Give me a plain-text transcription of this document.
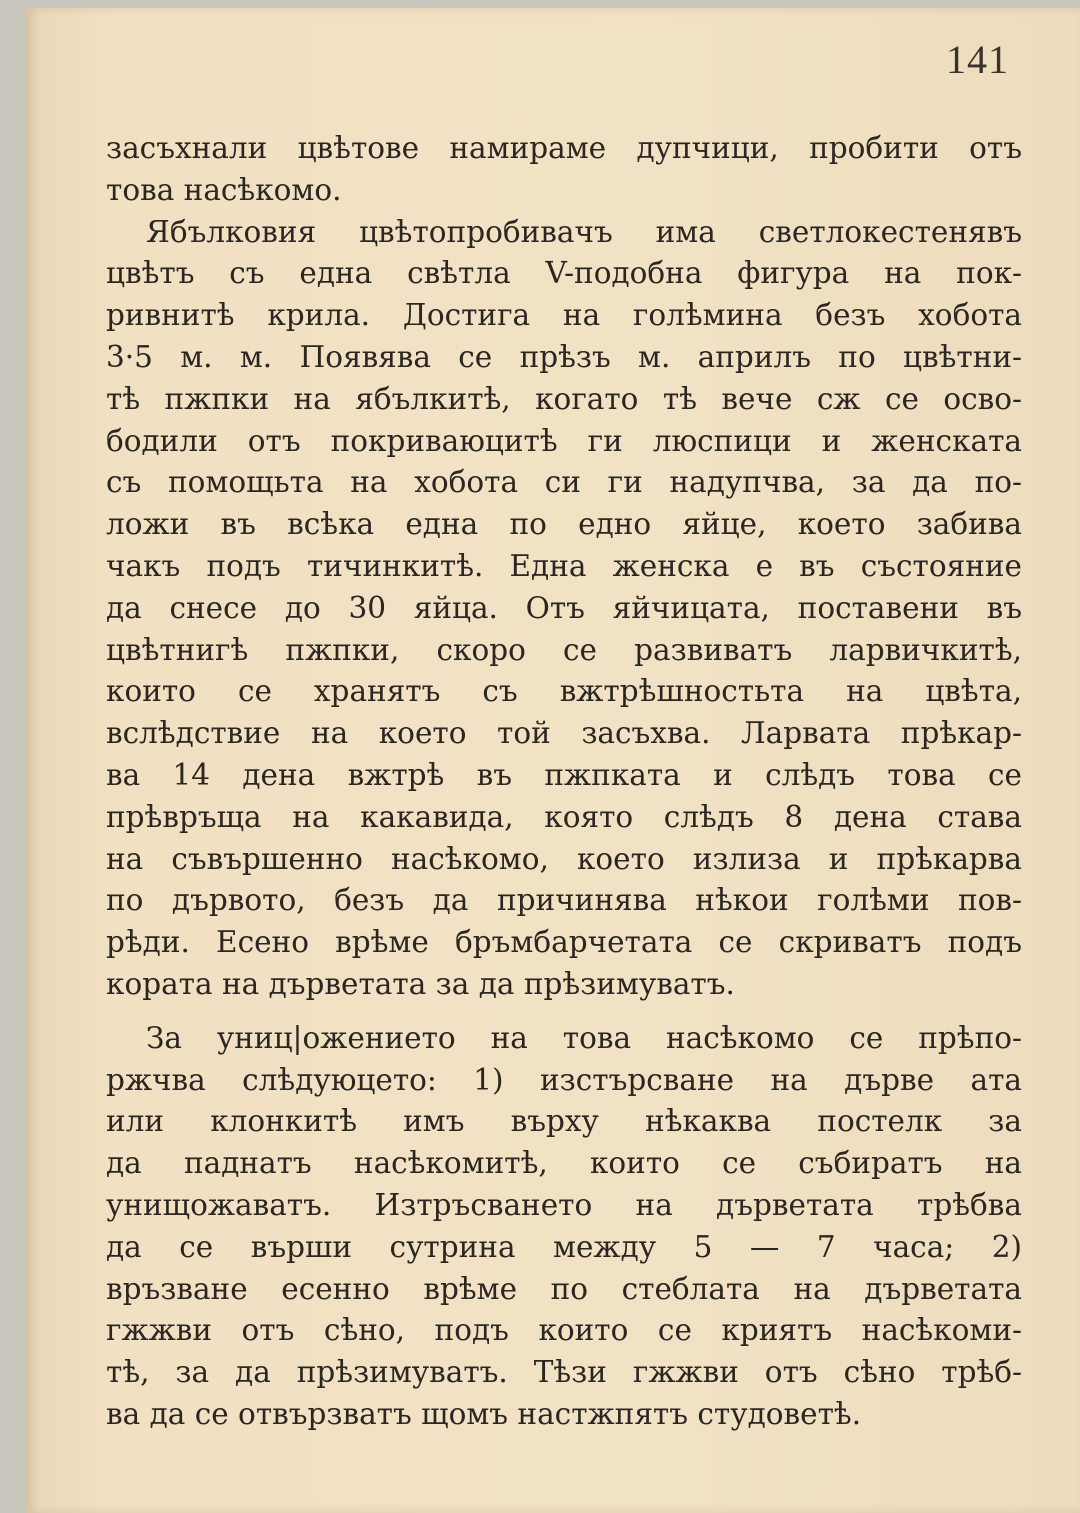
141
засъхнали цвѣтове намираме дупчици, пробити отъ
това насѣкомо.
Ябълковия цвѣтопробивачъ има светлокестенявъ
цвѣтъ съ една свѣтла V-подобна фигура на пок-
ривнитѣ крила. Достига на голѣмина безъ хобота
3·5 м. м. Появява се прѣзъ м. априлъ по цвѣтни-
тѣ пжпки на ябълкитѣ, когато тѣ вече сж се осво-
бодили отъ покриваюцитѣ ги люспици и женската
съ помощьта на хобота си ги надупчва, за да по-
ложи въ всѣка една по едно яйце, което забива
чакъ подъ тичинкитѣ. Една женска е въ състояние
да снесе до 30 яйца. Отъ яйчицата, поставени въ
цвѣтнигѣ пжпки, скоро се развиватъ ларвичкитѣ,
които се хранятъ съ вжтрѣшностьта на цвѣта,
вслѣдствие на което той засъхва. Ларвата прѣкар-
ва 14 дена вжтрѣ въ пжпката и слѣдъ това се
прѣвръща на какавида, която слѣдъ 8 дена става
на съвършенно насѣкомо, което излиза и прѣкарва
по дървото, безъ да причинява нѣкои голѣми пов-
рѣди. Есено врѣме бръмбарчетата се скриватъ подъ
кората на дърветата за да прѣзимуватъ.
За униц|ожението на това насѣкомо се прѣпо-
ржчва слѣдуюцето: 1) изстърсване на дърве ата
или клонкитѣ имъ върху нѣкаква постелк за
да паднатъ насѣкомитѣ, които се събиратъ на
унищожаватъ. Изтръсването на дърветата трѣбва
да се върши сутрина между 5 — 7 часа; 2)
връзване есенно врѣме по стеблата на дърветата
гжжви отъ сѣно, подъ които се криятъ насѣкоми-
тѣ, за да прѣзимуватъ. Тѣзи гжжви отъ сѣно трѣб-
ва да се отвързватъ щомъ настжпятъ студоветѣ.
